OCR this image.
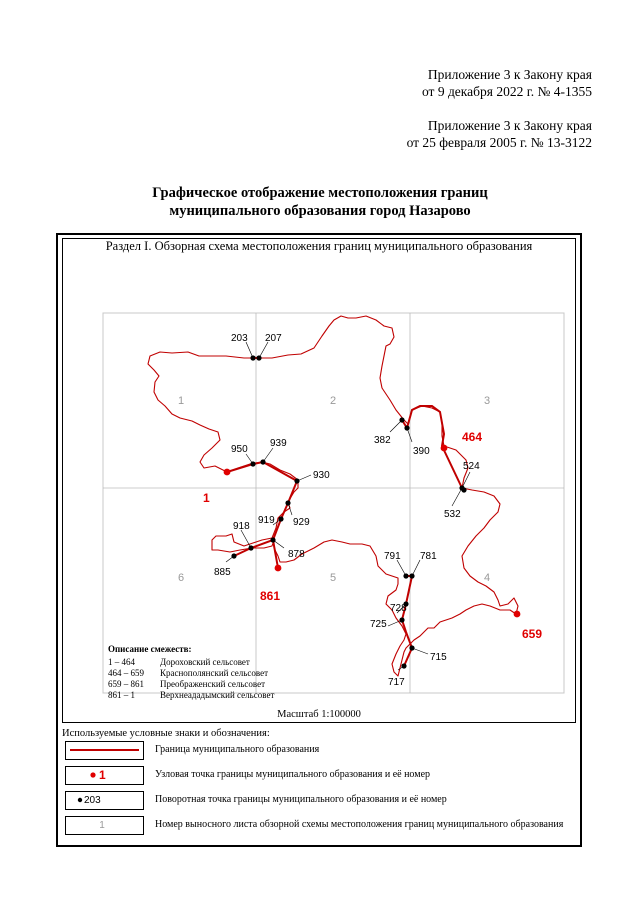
Приложение 3 к Закону края
от 9 декабря 2022 г. № 4-1355
Приложение 3 к Закону края
от 25 февраля 2005 г. № 13-3122
Графическое отображение местоположения границ
муниципального образования город Назарово
Раздел I. Обзорная схема местоположения границ муниципального образования
1	2	3
4
5
6
203 207
382
390
524
532
950
939
930
929
919
918
878
885
791 781
728
725
715
717
1
464
659
861
1
203
1
Описание смежеств:
1 – 464	Дороховский сельсовет
464 – 659 Краснополянский сельсовет
659 – 861 Преображенский сельсовет
861 – 1	Верхнеададымский сельсовет
Масштаб 1:100000
Используемые условные знаки и обозначения:
Граница муниципального образования
Узловая точка границы муниципального образования и её номер
Поворотная точка границы муниципального образования и её номер
Номер выносного листа обзорной схемы местоположения границ муниципального образования
